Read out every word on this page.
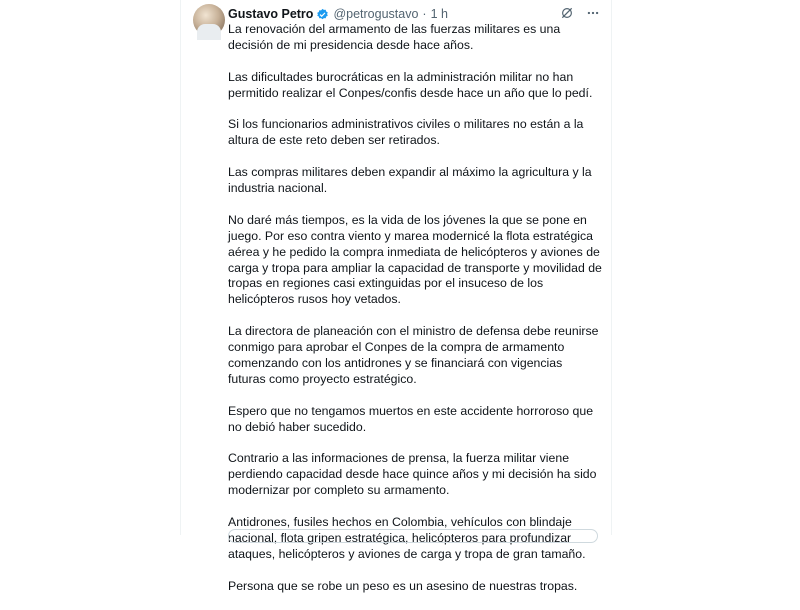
Gustavo Petro @petrogustavo · 1 h

La renovación del armamento de las fuerzas militares es una decisión de mi presidencia desde hace años.

Las dificultades burocráticas en la administración militar no han permitido realizar el Conpes/confis desde hace un año que lo pedí.

Si los funcionarios administrativos civiles o militares no están a la altura de este reto deben ser retirados.

Las compras militares deben expandir al máximo la agricultura y la industria nacional.

No daré más tiempos, es la vida de los jóvenes la que se pone en juego. Por eso contra viento y marea modernicé la flota estratégica aérea y he pedido la compra inmediata de helicópteros y aviones de carga y tropa para ampliar la capacidad de transporte y movilidad de tropas en regiones casi extinguidas por el insuceso de los helicópteros rusos hoy vetados.

La directora de planeación con el ministro de defensa debe reunirse conmigo para aprobar el Conpes de la compra de armamento comenzando con los antidrones y se financiará con vigencias futuras como proyecto estratégico.

Espero que no tengamos muertos en este accidente horroroso que no debió haber sucedido.

Contrario a las informaciones de prensa, la fuerza militar viene perdiendo capacidad desde hace quince años y mi decisión ha sido modernizar por completo su armamento.

Antidrones, fusiles hechos en Colombia, vehículos con blindaje nacional, flota gripen estratégica, helicópteros para profundizar ataques, helicópteros y aviones de carga y tropa de gran tamaño.

Persona que se robe un peso es un asesino de nuestras tropas.
